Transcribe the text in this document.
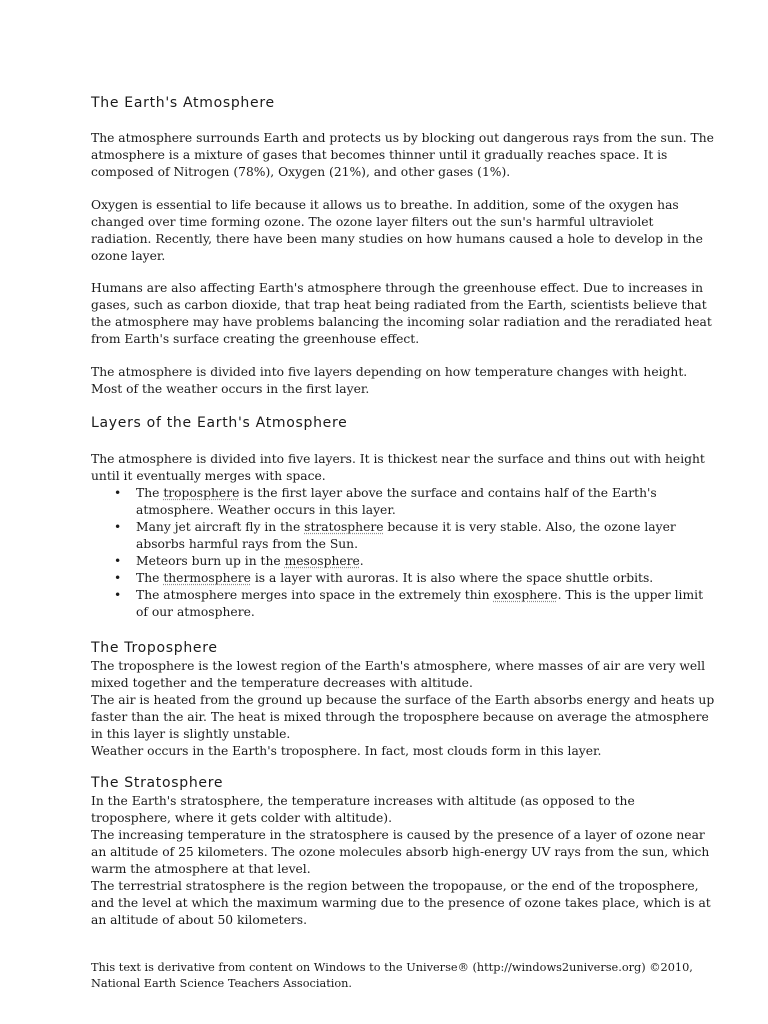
The Earth's Atmosphere

The atmosphere surrounds Earth and protects us by blocking out dangerous rays from the sun. The
atmosphere is a mixture of gases that becomes thinner until it gradually reaches space. It is
composed of Nitrogen (78%), Oxygen (21%), and other gases (1%).

Oxygen is essential to life because it allows us to breathe. In addition, some of the oxygen has
changed over time forming ozone. The ozone layer filters out the sun's harmful ultraviolet
radiation. Recently, there have been many studies on how humans caused a hole to develop in the
ozone layer.

Humans are also affecting Earth's atmosphere through the greenhouse effect. Due to increases in
gases, such as carbon dioxide, that trap heat being radiated from the Earth, scientists believe that
the atmosphere may have problems balancing the incoming solar radiation and the reradiated heat
from Earth's surface creating the greenhouse effect.

The atmosphere is divided into five layers depending on how temperature changes with height.
Most of the weather occurs in the first layer.

Layers of the Earth's Atmosphere

The atmosphere is divided into five layers. It is thickest near the surface and thins out with height
until it eventually merges with space.

• The troposphere is the first layer above the surface and contains half of the Earth's
atmosphere. Weather occurs in this layer.
• Many jet aircraft fly in the stratosphere because it is very stable. Also, the ozone layer
absorbs harmful rays from the Sun.
• Meteors burn up in the mesosphere.
• The thermosphere is a layer with auroras. It is also where the space shuttle orbits.
• The atmosphere merges into space in the extremely thin exosphere. This is the upper limit
of our atmosphere.
The Troposphere

The troposphere is the lowest region of the Earth's atmosphere, where masses of air are very well
mixed together and the temperature decreases with altitude.
The air is heated from the ground up because the surface of the Earth absorbs energy and heats up
faster than the air. The heat is mixed through the troposphere because on average the atmosphere
in this layer is slightly unstable.
Weather occurs in the Earth's troposphere. In fact, most clouds form in this layer.

The Stratosphere

In the Earth's stratosphere, the temperature increases with altitude (as opposed to the
troposphere, where it gets colder with altitude).
The increasing temperature in the stratosphere is caused by the presence of a layer of ozone near
an altitude of 25 kilometers. The ozone molecules absorb high-energy UV rays from the sun, which
warm the atmosphere at that level.
The terrestrial stratosphere is the region between the tropopause, or the end of the troposphere,
and the level at which the maximum warming due to the presence of ozone takes place, which is at
an altitude of about 50 kilometers.

This text is derivative from content on Windows to the Universe® (http://windows2universe.org) ©2010,
National Earth Science Teachers Association.
